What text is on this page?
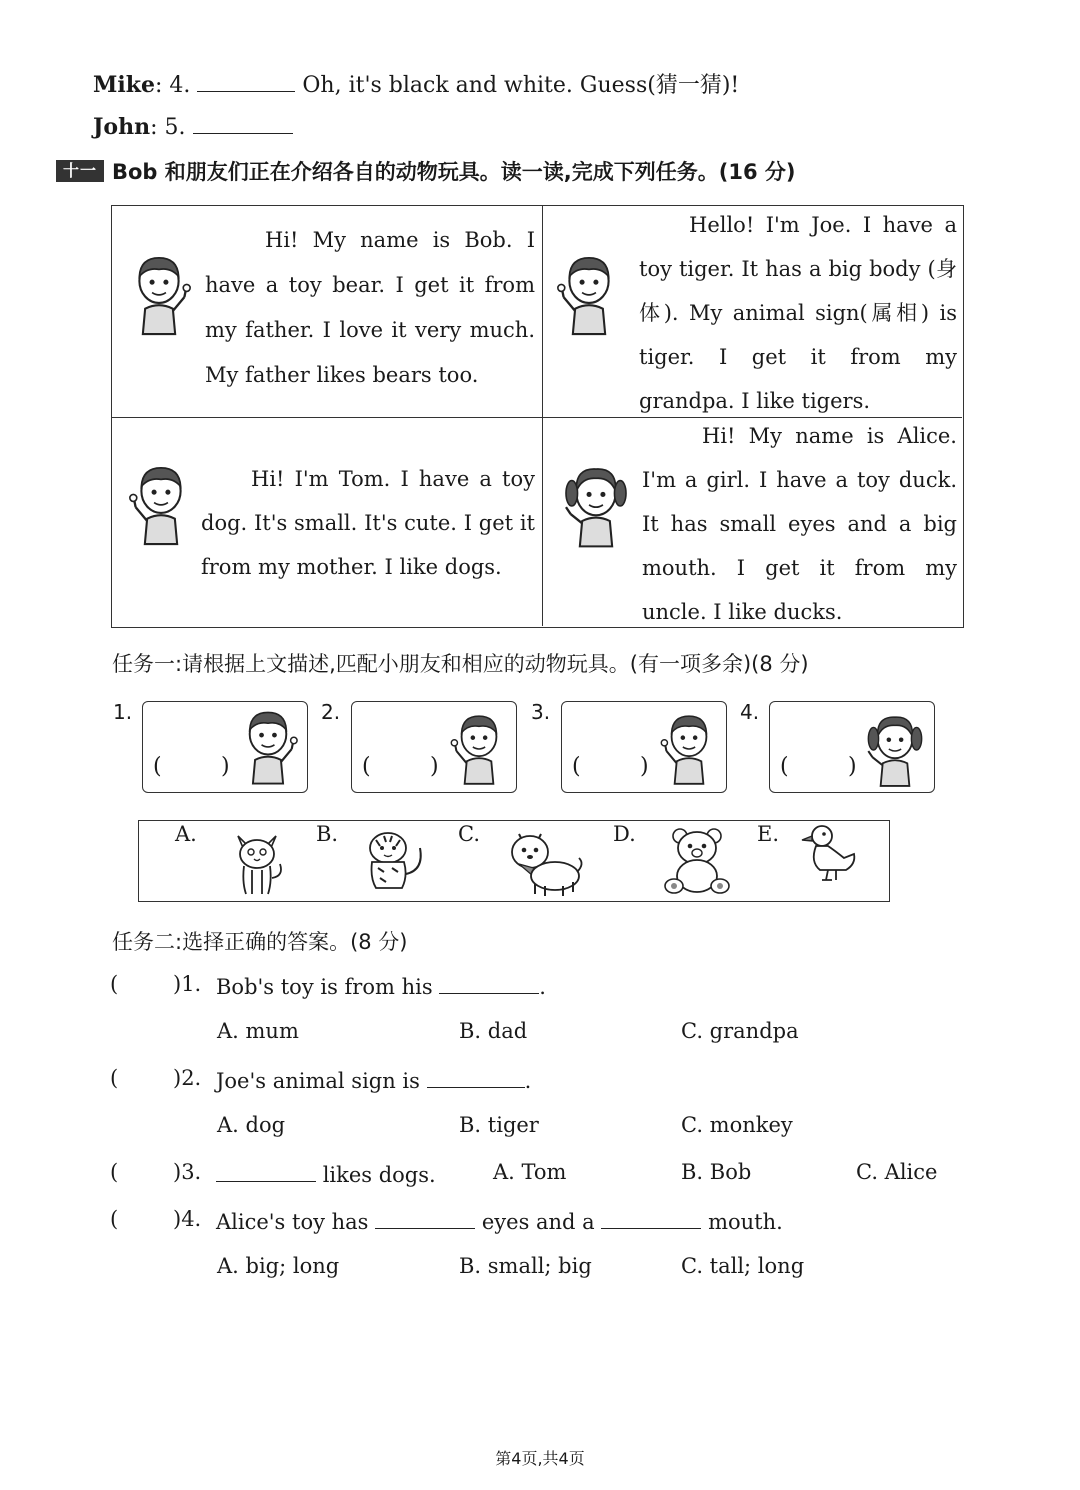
Mike: 4.	Oh, it's black and white. Guess(猜一猜)!
John: 5.
十一 Bob 和朋友们正在介绍各自的动物玩具。读一读,完成下列任务。(16 分)
Hi! My name is Bob. I have a toy bear. I get it from my father. I love it very much. My father likes bears too.
Hello! I'm Joe. I have a toy tiger. It has a big body (身体). My animal sign(属相) is tiger. I get it from my grandpa. I like tigers.
Hi! I'm Tom. I have a toy dog. It's small. It's cute. I get it from my mother. I like dogs.
Hi! My name is Alice. I'm a girl. I have a toy duck. It has small eyes and a big mouth. I get it from my uncle. I like ducks.
任务一:请根据上文描述,匹配小朋友和相应的动物玩具。(有一项多余)(8 分)
1.
(	)
2.
(	)
3.
(	)
4.
(	)
A.	B.	C.	D.	E.
任务二:选择正确的答案。(8 分)
(	)1. Bob's toy is from his	.
A. mum	B. dad	C. grandpa
(	)2. Joe's animal sign is	.
A. dog	B. tiger	C. monkey
(	)3.	likes dogs.	A. Tom	B. Bob	C. Alice
(	)4. Alice's toy has	eyes and a	mouth.
A. big; long	B. small; big	C. tall; long
第4页,共4页
